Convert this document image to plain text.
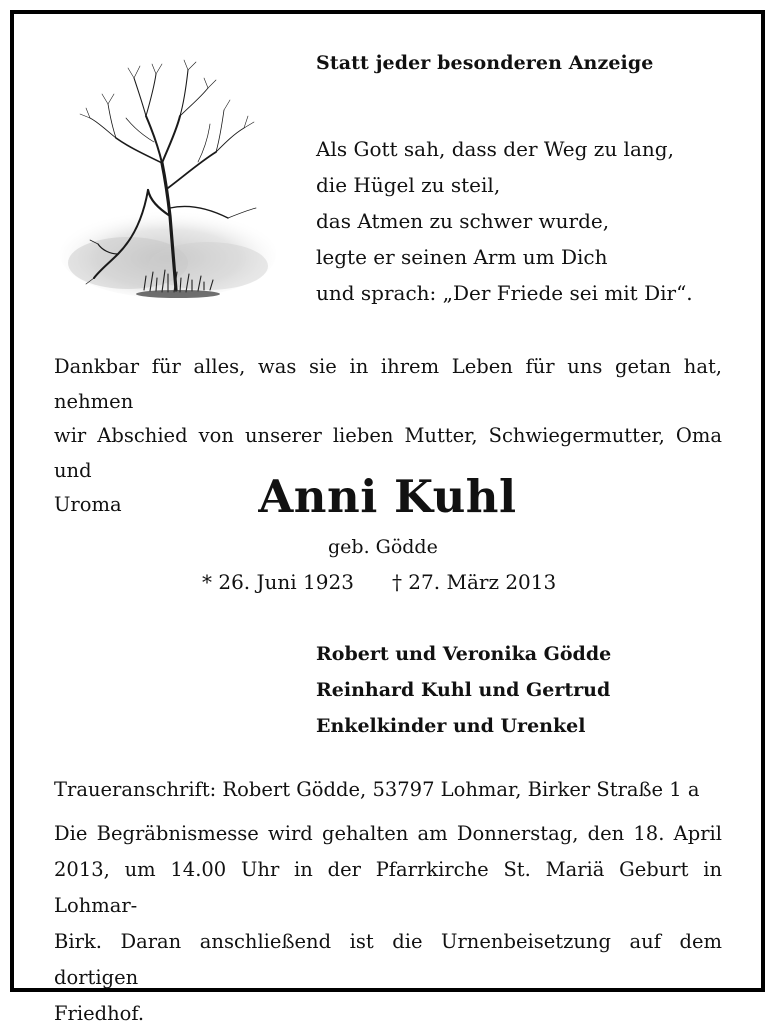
Statt jeder besonderen Anzeige
Als Gott sah, dass der Weg zu lang,
die Hügel zu steil,
das Atmen zu schwer wurde,
legte er seinen Arm um Dich
und sprach: „Der Friede sei mit Dir“.
Dankbar für alles, was sie in ihrem Leben für uns getan hat, nehmen
wir Abschied von unserer lieben Mutter, Schwiegermutter, Oma und
Uroma	Anni Kuhl
geb. Gödde
* 26. Juni 1923 † 27. März 2013
Robert und Veronika Gödde
Reinhard Kuhl und Gertrud
Enkelkinder und Urenkel
Traueranschrift: Robert Gödde, 53797 Lohmar, Birker Straße 1 a
Die Begräbnismesse wird gehalten am Donnerstag, den 18. April
2013, um 14.00 Uhr in der Pfarrkirche St. Mariä Geburt in Lohmar-
Birk. Daran anschließend ist die Urnenbeisetzung auf dem dortigen
Friedhof.
